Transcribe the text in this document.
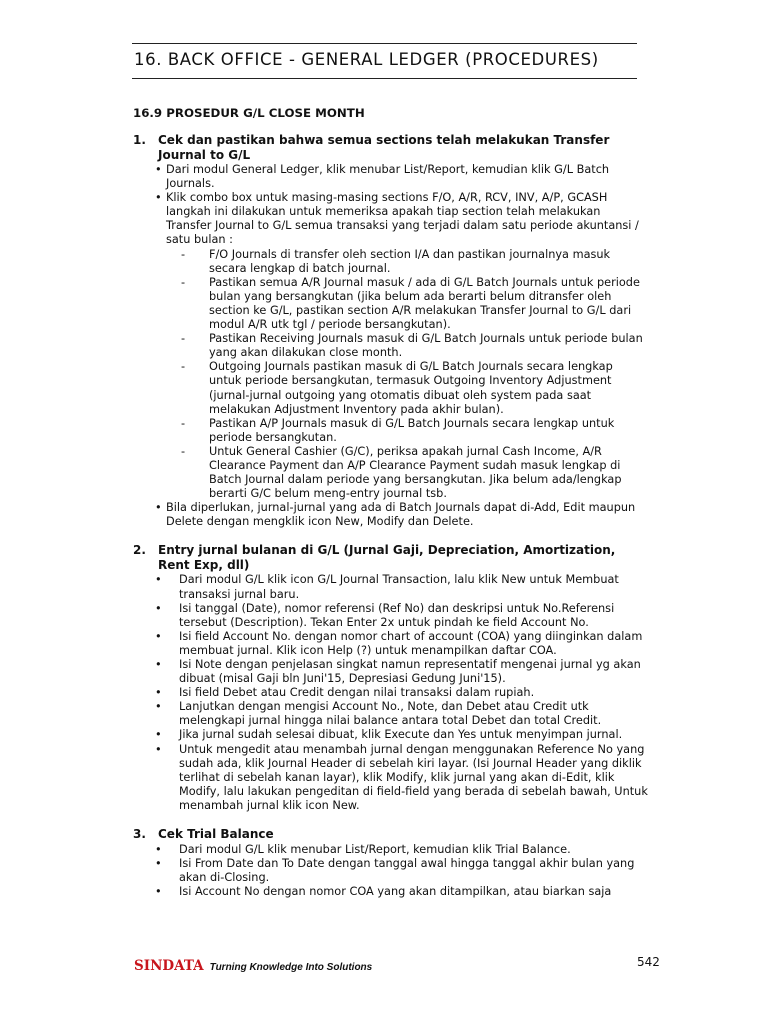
16. BACK OFFICE - GENERAL LEDGER (PROCEDURES)
16.9 PROSEDUR G/L CLOSE MONTH
1.	Cek dan pastikan bahwa semua sections telah melakukan Transfer Journal to G/L
• Dari modul General Ledger, klik menubar List/Report, kemudian klik G/L Batch Journals.
• Klik combo box untuk masing-masing sections F/O, A/R, RCV, INV, A/P, GCASH langkah ini dilakukan untuk memeriksa apakah tiap section telah melakukan Transfer Journal to G/L semua transaksi yang terjadi dalam satu periode akuntansi / satu bulan :
- F/O Journals di transfer oleh section I/A dan pastikan journalnya masuk secara lengkap di batch journal.
- Pastikan semua A/R Journal masuk / ada di G/L Batch Journals untuk periode bulan yang bersangkutan (jika belum ada berarti belum ditransfer oleh section ke G/L, pastikan section A/R melakukan Transfer Journal to G/L dari modul A/R utk tgl / periode bersangkutan).
- Pastikan Receiving Journals masuk di G/L Batch Journals untuk periode bulan yang akan dilakukan close month.
- Outgoing Journals pastikan masuk di G/L Batch Journals secara lengkap untuk periode bersangkutan, termasuk Outgoing Inventory Adjustment (jurnal-jurnal outgoing yang otomatis dibuat oleh system pada saat melakukan Adjustment Inventory pada akhir bulan).
- Pastikan A/P Journals masuk di G/L Batch Journals secara lengkap untuk periode bersangkutan.
- Untuk General Cashier (G/C), periksa apakah jurnal Cash Income, A/R Clearance Payment dan A/P Clearance Payment sudah masuk lengkap di Batch Journal dalam periode yang bersangkutan. Jika belum ada/lengkap berarti G/C belum meng-entry journal tsb.
• Bila diperlukan, jurnal-jurnal yang ada di Batch Journals dapat di-Add, Edit maupun Delete dengan mengklik icon New, Modify dan Delete.
2.	Entry jurnal bulanan di G/L (Jurnal Gaji, Depreciation, Amortization, Rent Exp, dll)
• Dari modul G/L klik icon G/L Journal Transaction, lalu klik New untuk Membuat transaksi jurnal baru.
• Isi tanggal (Date), nomor referensi (Ref No) dan deskripsi untuk No.Referensi tersebut (Description). Tekan Enter 2x untuk pindah ke field Account No.
• Isi field Account No. dengan nomor chart of account (COA) yang diinginkan dalam membuat jurnal. Klik icon Help (?) untuk menampilkan daftar COA.
• Isi Note dengan penjelasan singkat namun representatif mengenai jurnal yg akan dibuat (misal Gaji bln Juni'15, Depresiasi Gedung Juni'15).
• Isi field Debet atau Credit dengan nilai transaksi dalam rupiah.
• Lanjutkan dengan mengisi Account No., Note, dan Debet atau Credit utk melengkapi jurnal hingga nilai balance antara total Debet dan total Credit.
• Jika jurnal sudah selesai dibuat, klik Execute dan Yes untuk menyimpan jurnal.
• Untuk mengedit atau menambah jurnal dengan menggunakan Reference No yang sudah ada, klik Journal Header di sebelah kiri layar. (Isi Journal Header yang diklik terlihat di sebelah kanan layar), klik Modify, klik jurnal yang akan di-Edit, klik Modify, lalu lakukan pengeditan di field-field yang berada di sebelah bawah, Untuk menambah jurnal klik icon New.
3.	Cek Trial Balance
• Dari modul G/L klik menubar List/Report, kemudian klik Trial Balance.
• Isi From Date dan To Date dengan tanggal awal hingga tanggal akhir bulan yang akan di-Closing.
• Isi Account No dengan nomor COA yang akan ditampilkan, atau biarkan saja
SINDATA Turning Knowledge Into Solutions	542
